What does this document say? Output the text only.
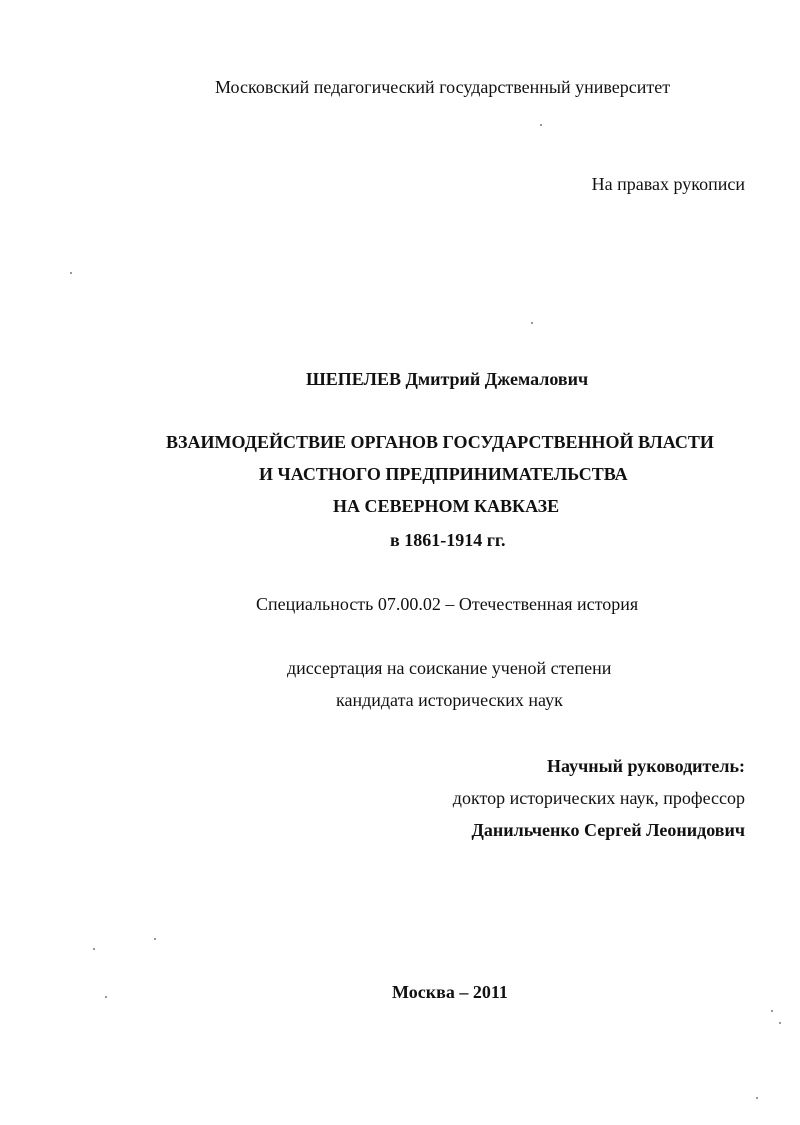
Московский педагогический государственный университет
На правах рукописи
ШЕПЕЛЕВ Дмитрий Джемалович
ВЗАИМОДЕЙСТВИЕ ОРГАНОВ ГОСУДАРСТВЕННОЙ ВЛАСТИ
И ЧАСТНОГО ПРЕДПРИНИМАТЕЛЬСТВА
НА СЕВЕРНОМ КАВКАЗЕ
в 1861-1914 гг.
Специальность 07.00.02 – Отечественная история
диссертация на соискание ученой степени
кандидата исторических наук
Научный руководитель:
доктор исторических наук, профессор
Данильченко Сергей Леонидович
Москва – 2011
